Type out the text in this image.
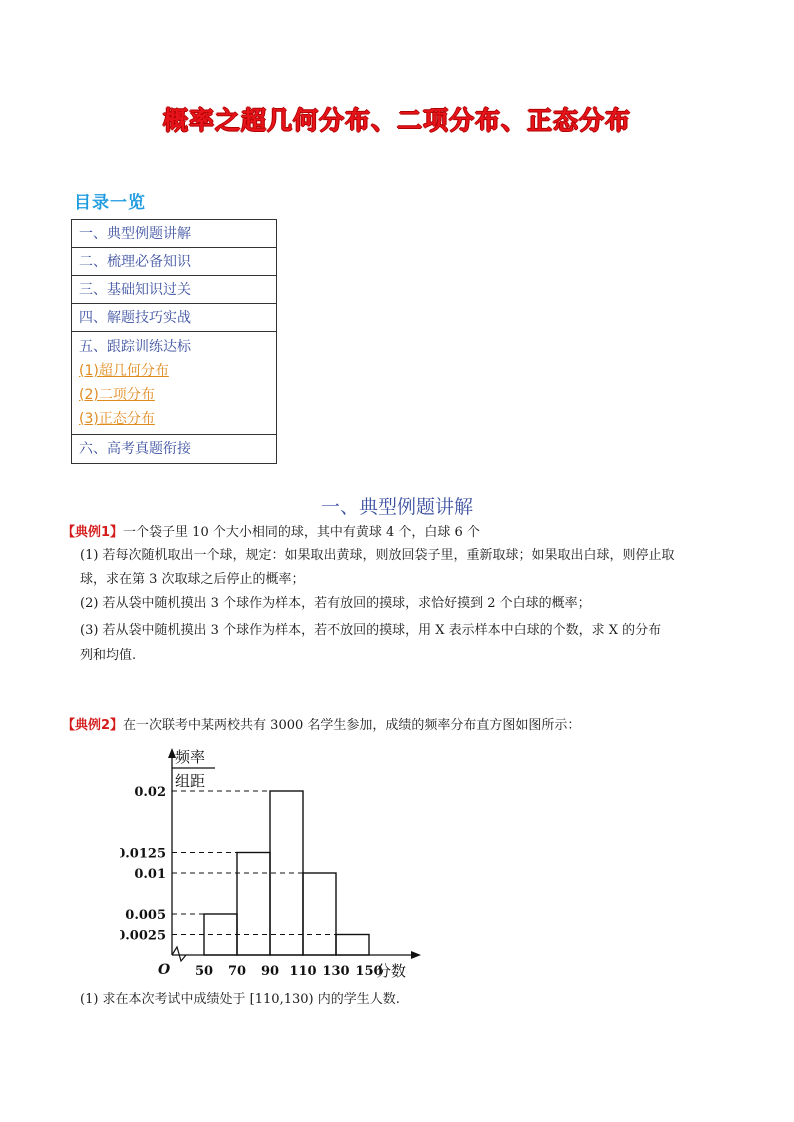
概率之超几何分布、二项分布、正态分布
目录一览
一、典型例题讲解
二、梳理必备知识
三、基础知识过关
四、解题技巧实战
五、跟踪训练达标
(1)超几何分布
(2)二项分布
(3)正态分布
六、高考真题衔接
一、典型例题讲解
【典例1】一个袋子里 10 个大小相同的球，其中有黄球 4 个，白球 6 个
(1) 若每次随机取出一个球，规定：如果取出黄球，则放回袋子里，重新取球；如果取出白球，则停止取
球，求在第 3 次取球之后停止的概率；
(2) 若从袋中随机摸出 3 个球作为样本，若有放回的摸球，求恰好摸到 2 个白球的概率；
(3) 若从袋中随机摸出 3 个球作为样本，若不放回的摸球，用 X 表示样本中白球的个数，求 X 的分布
列和均值.
【典例2】在一次联考中某两校共有 3000 名学生参加，成绩的频率分布直方图如图所示：
频率
组距
O	分数
0.02
0.0125
0.01
0.005
0.0025
50 70 90 110 130 150
(1) 求在本次考试中成绩处于 [110,130) 内的学生人数.
